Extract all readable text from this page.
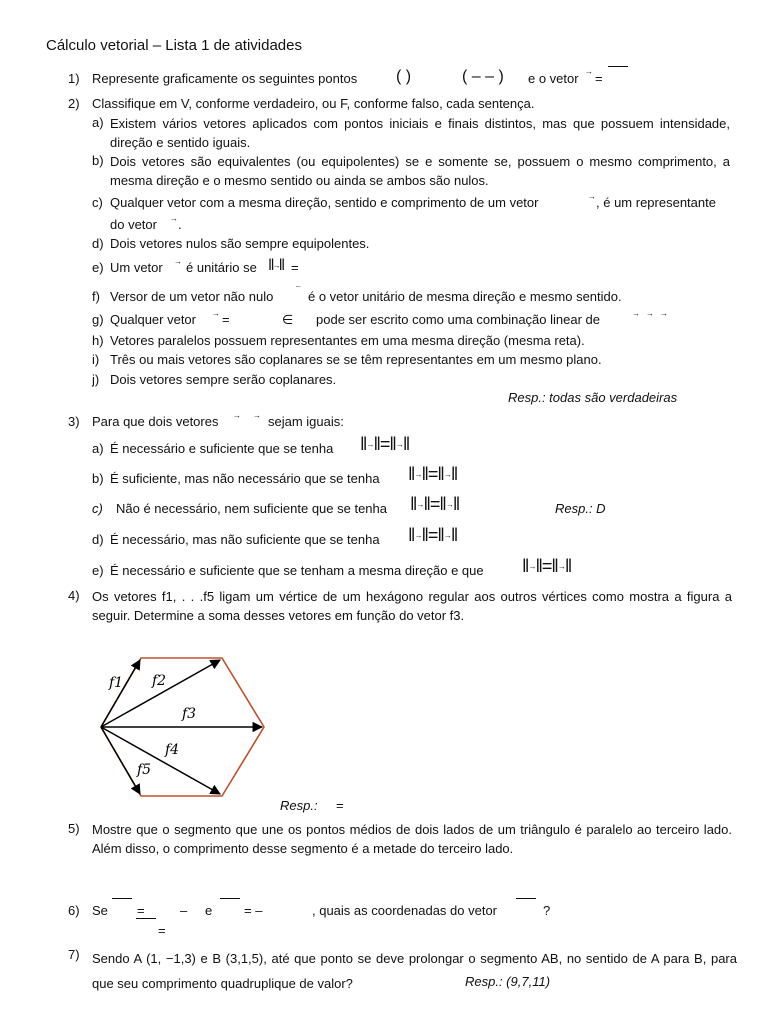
Cálculo vetorial – Lista 1 de atividades
1) Represente graficamente os seguintes pontos ( )	( – – ) e o vetor → =
2) Classifique em V, conforme verdadeiro, ou F, conforme falso, cada sentença.
a) Existem vários vetores aplicados com pontos iniciais e finais distintos, mas que possuem intensidade, direção e sentido iguais.
b) Dois vetores são equivalentes (ou equipolentes) se e somente se, possuem o mesmo comprimento, a mesma direção e o mesmo sentido ou ainda se ambos são nulos.
c) Qualquer vetor com a mesma direção, sentido e comprimento de um vetor	→ , é um representante
do vetor → .
d) Dois vetores nulos são sempre equipolentes.
e) Um vetor → é unitário se ‖→‖ =
f) Versor de um vetor não nulo	¯ é o vetor unitário de mesma direção e mesmo sentido.
g) Qualquer vetor → =	∈ pode ser escrito como uma combinação linear de	→→→
h) Vetores paralelos possuem representantes em uma mesma direção (mesma reta).
i) Três ou mais vetores são coplanares se se têm representantes em um mesmo plano.
j) Dois vetores sempre serão coplanares.
Resp.: todas são verdadeiras
3) Para que dois vetores →→
sejam iguais:
a) É necessário e suficiente que se tenha ‖→‖=‖→‖
b) É suficiente, mas não necessário que se tenha ‖→‖=‖→‖
c) Não é necessário, nem suficiente que se tenha ‖→‖=‖→‖	Resp.: D
d) É necessário, mas não suficiente que se tenha ‖→‖=‖→‖
e) É necessário e suficiente que se tenham a mesma direção e que ‖→‖=‖→‖
4) Os vetores f1, . . .f5 ligam um vértice de um hexágono regular aos outros vértices como mostra a figura a seguir. Determine a soma desses vetores em função do vetor f3.
f1 f2
f3
f4
f5
Resp.: =
5) Mostre que o segmento que une os pontos médios de dois lados de um triângulo é paralelo ao terceiro lado. Além disso, o comprimento desse segmento é a metade do terceiro lado.
6) Se =	– e = –	, quais as coordenadas do vetor	?
=
7) Sendo A (1, −1,3) e B (3,1,5), até que ponto se deve prolongar o segmento AB, no sentido de A para B, para que seu comprimento quadruplique de valor?	Resp.: (9,7,11)
